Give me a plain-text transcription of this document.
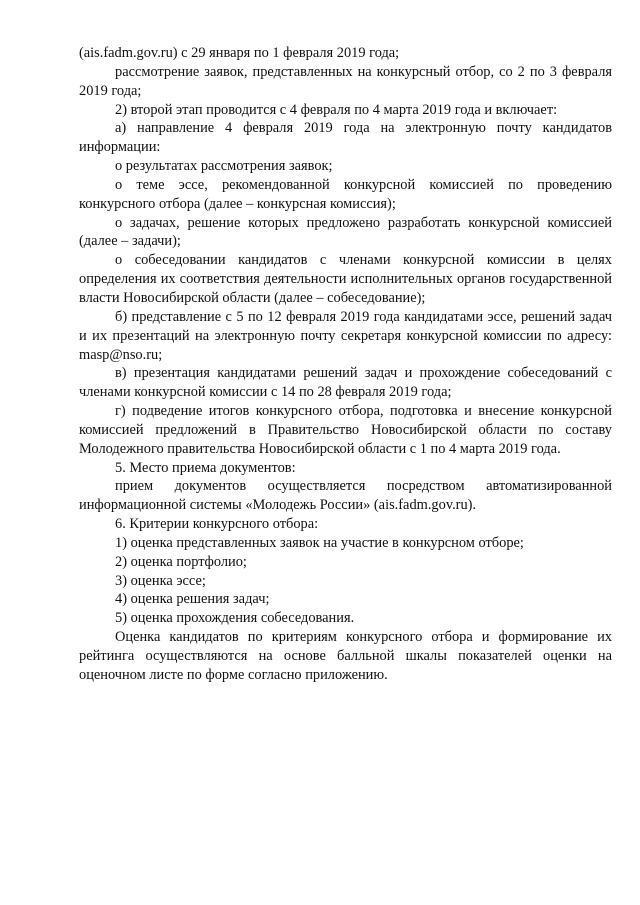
(ais.fadm.gov.ru) с 29 января по 1 февраля 2019 года;

рассмотрение заявок, представленных на конкурсный отбор, со 2 по 3 февраля 2019 года;

2) второй этап проводится с 4 февраля по 4 марта 2019 года и включает:

а) направление 4 февраля 2019 года на электронную почту кандидатов информации:

о результатах рассмотрения заявок;

о теме эссе, рекомендованной конкурсной комиссией по проведению конкурсного отбора (далее – конкурсная комиссия);

о задачах, решение которых предложено разработать конкурсной комиссией (далее – задачи);

о собеседовании кандидатов с членами конкурсной комиссии в целях определения их соответствия деятельности исполнительных органов государственной власти Новосибирской области (далее – собеседование);

б) представление с 5 по 12 февраля 2019 года кандидатами эссе, решений задач и их презентаций на электронную почту секретаря конкурсной комиссии по адресу: masp@nso.ru;

в) презентация кандидатами решений задач и прохождение собеседований с членами конкурсной комиссии с 14 по 28 февраля 2019 года;

г) подведение итогов конкурсного отбора, подготовка и внесение конкурсной комиссией предложений в Правительство Новосибирской области по составу Молодежного правительства Новосибирской области с 1 по 4 марта 2019 года.

5. Место приема документов:

прием документов осуществляется посредством автоматизированной информационной системы «Молодежь России» (ais.fadm.gov.ru).

6. Критерии конкурсного отбора:

1) оценка представленных заявок на участие в конкурсном отборе;

2) оценка портфолио;

3) оценка эссе;

4) оценка решения задач;

5) оценка прохождения собеседования.

Оценка кандидатов по критериям конкурсного отбора и формирование их рейтинга осуществляются на основе балльной шкалы показателей оценки на оценочном листе по форме согласно приложению.
